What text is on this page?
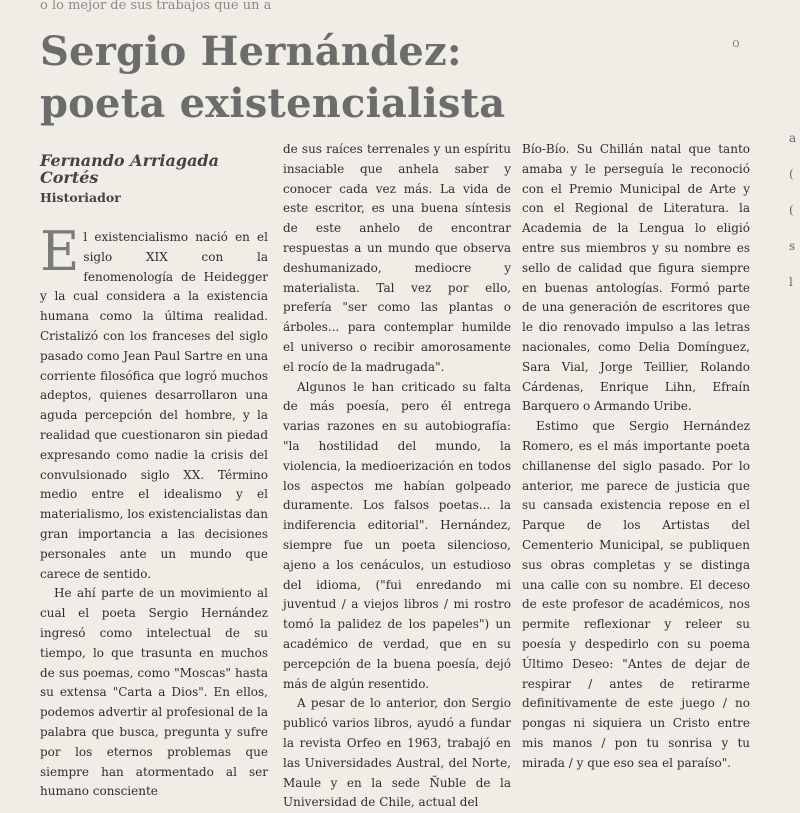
o lo mejor de sus trabajos que un a
o
Sergio Hernández:
poeta existencialista
Fernando Arriagada Cortés
Historiador

El existencialismo nació en el siglo XIX con la fenomenología de Heidegger y la cual considera a la existencia humana como la última realidad. Cristalizó con los franceses del siglo pasado como Jean Paul Sartre en una corriente filosófica que logró muchos adeptos, quienes desarrollaron una aguda percepción del hombre, y la realidad que cuestionaron sin piedad expresando como nadie la crisis del convulsionado siglo XX. Término medio entre el idealismo y el materialismo, los existencialistas dan gran importancia a las decisiones personales ante un mundo que carece de sentido.

He ahí parte de un movimiento al cual el poeta Sergio Hernández ingresó como intelectual de su tiempo, lo que trasunta en muchos de sus poemas, como "Moscas" hasta su extensa "Carta a Dios". En ellos, podemos advertir al profesional de la palabra que busca, pregunta y sufre por los eternos problemas que siempre han atormentado al ser humano consciente

de sus raíces terrenales y un espíritu insaciable que anhela saber y conocer cada vez más. La vida de este escritor, es una buena síntesis de este anhelo de encontrar respuestas a un mundo que observa deshumanizado, mediocre y materialista. Tal vez por ello, prefería "ser como las plantas o árboles... para contemplar humilde el universo o recibir amorosamente el rocío de la madrugada".

Algunos le han criticado su falta de más poesía, pero él entrega varias razones en su autobiografía: "la hostilidad del mundo, la violencia, la medioerización en todos los aspectos me habían golpeado duramente. Los falsos poetas... la indiferencia editorial". Hernández, siempre fue un poeta silencioso, ajeno a los cenáculos, un estudioso del idioma, ("fui enredando mi juventud / a viejos libros / mi rostro tomó la palidez de los papeles") un académico de verdad, que en su percepción de la buena poesía, dejó más de algún resentido.

A pesar de lo anterior, don Sergio publicó varios libros, ayudó a fundar la revista Orfeo en 1963, trabajó en las Universidades Austral, del Norte, Maule y en la sede Ñuble de la Universidad de Chile, actual del

Bío-Bío. Su Chillán natal que tanto amaba y le perseguía le reconoció con el Premio Municipal de Arte y con el Regional de Literatura. la Academia de la Lengua lo eligió entre sus miembros y su nombre es sello de calidad que figura siempre en buenas antologías. Formó parte de una generación de escritores que le dio renovado impulso a las letras nacionales, como Delia Domínguez, Sara Vial, Jorge Teillier, Rolando Cárdenas, Enrique Lihn, Efraín Barquero o Armando Uribe.

Estimo que Sergio Hernández Romero, es el más importante poeta chillanense del siglo pasado. Por lo anterior, me parece de justicia que su cansada existencia repose en el Parque de los Artistas del Cementerio Municipal, se publiquen sus obras completas y se distinga una calle con su nombre. El deceso de este profesor de académicos, nos permite reflexionar y releer su poesía y despedirlo con su poema Último Deseo: "Antes de dejar de respirar / antes de retirarme definitivamente de este juego / no pongas ni siquiera un Cristo entre mis manos / pon tu sonrisa y tu mirada / y que eso sea el paraíso".

a
(
(
s
l
